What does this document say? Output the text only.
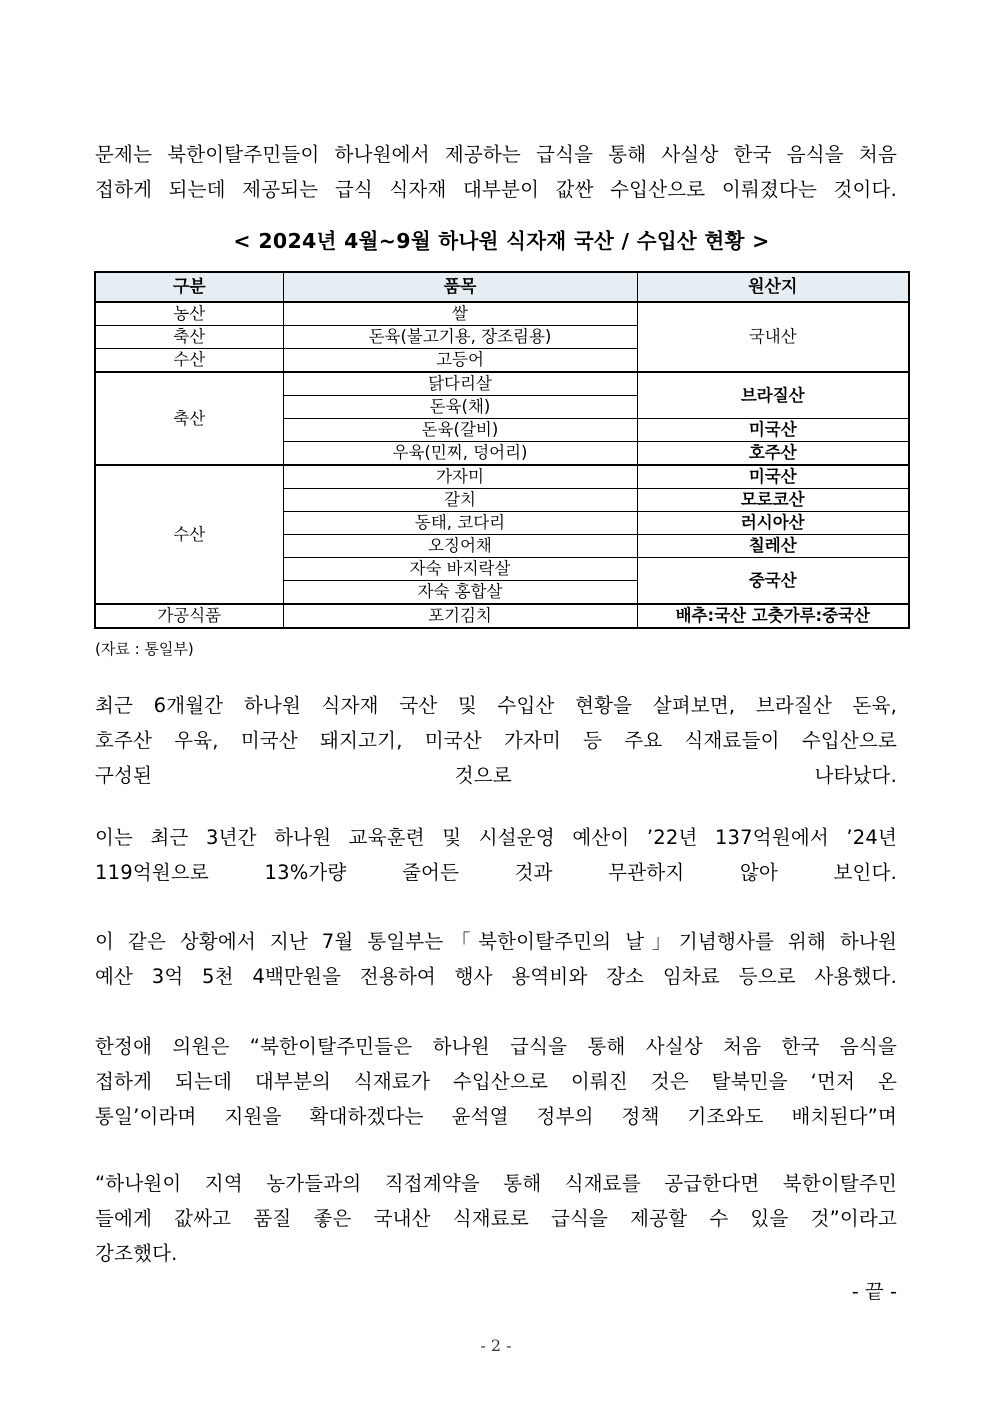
문제는 북한이탈주민들이 하나원에서 제공하는 급식을 통해 사실상 한국 음식을 처음
접하게 되는데 제공되는 급식 식자재 대부분이 값싼 수입산으로 이뤄졌다는 것이다.
< 2024년 4월~9월 하나원 식자재 국산 / 수입산 현황 >
구분	품목	원산지
농산	쌀	국내산
축산	돈육(불고기용, 장조림용)	
수산	고등어	
축산	닭다리살	브라질산
	돈육(채)	
	돈육(갈비)	미국산
	우육(민찌, 덩어리)	호주산
수산	가자미	미국산
	갈치	모로코산
	동태, 코다리	러시아산
	오징어채	칠레산
	자숙 바지락살	중국산
	자숙 홍합살	
가공식품	포기김치	배추:국산 고춧가루:중국산
(자료 : 통일부)
최근 6개월간 하나원 식자재 국산 및 수입산 현황을 살펴보면, 브라질산 돈육,
호주산 우육, 미국산 돼지고기, 미국산 가자미 등 주요 식재료들이 수입산으로
구성된 것으로 나타났다.
이는 최근 3년간 하나원 교육훈련 및 시설운영 예산이 ’22년 137억원에서 ’24년
119억원으로 13%가량 줄어든 것과 무관하지 않아 보인다.
이 같은 상황에서 지난 7월 통일부는「북한이탈주민의 날」기념행사를 위해 하나원
예산 3억 5천 4백만원을 전용하여 행사 용역비와 장소 임차료 등으로 사용했다.
한정애 의원은 “북한이탈주민들은 하나원 급식을 통해 사실상 처음 한국 음식을
접하게 되는데 대부분의 식재료가 수입산으로 이뤄진 것은 탈북민을 ‘먼저 온
통일’이라며 지원을 확대하겠다는 윤석열 정부의 정책 기조와도 배치된다”며
“하나원이 지역 농가들과의 직접계약을 통해 식재료를 공급한다면 북한이탈주민
들에게 값싸고 품질 좋은 국내산 식재료로 급식을 제공할 수 있을 것”이라고
강조했다.
- 끝 -
- 2 -
